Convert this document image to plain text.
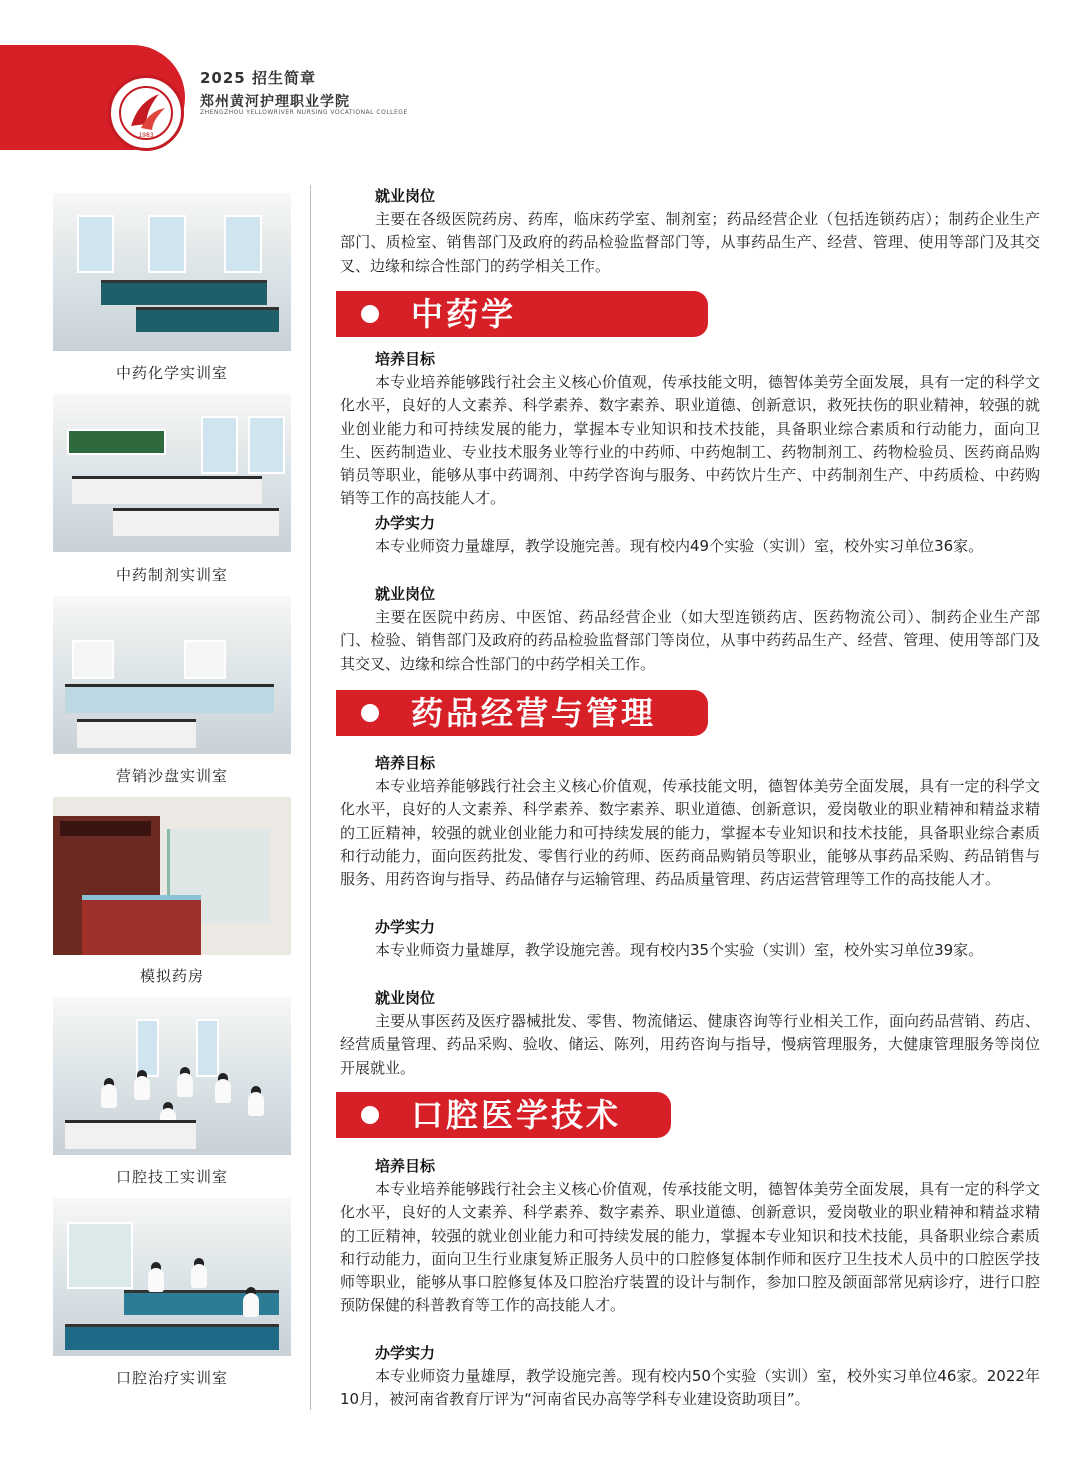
1983
2025 招生简章
郑州黄河护理职业学院
ZHENGZHOU YELLOWRIVER NURSING VOCATIONAL COLLEGE
中药化学实训室
中药制剂实训室
营销沙盘实训室
模拟药房
口腔技工实训室
口腔治疗实训室
就业岗位

主要在各级医院药房、药库，临床药学室、制剂室；药品经营企业（包括连锁药店）；制药企业生产部门、质检室、销售部门及政府的药品检验监督部门等，从事药品生产、经营、管理、使用等部门及其交叉、边缘和综合性部门的药学相关工作。

中药学
培养目标

本专业培养能够践行社会主义核心价值观，传承技能文明，德智体美劳全面发展，具有一定的科学文化水平，良好的人文素养、科学素养、数字素养、职业道德、创新意识，救死扶伤的职业精神，较强的就业创业能力和可持续发展的能力，掌握本专业知识和技术技能，具备职业综合素质和行动能力，面向卫生、医药制造业、专业技术服务业等行业的中药师、中药炮制工、药物制剂工、药物检验员、医药商品购销员等职业，能够从事中药调剂、中药学咨询与服务、中药饮片生产、中药制剂生产、中药质检、中药购销等工作的高技能人才。

办学实力

本专业师资力量雄厚，教学设施完善。现有校内49个实验（实训）室，校外实习单位36家。

就业岗位

主要在医院中药房、中医馆、药品经营企业（如大型连锁药店、医药物流公司）、制药企业生产部门、检验、销售部门及政府的药品检验监督部门等岗位，从事中药药品生产、经营、管理、使用等部门及其交叉、边缘和综合性部门的中药学相关工作。

药品经营与管理
培养目标

本专业培养能够践行社会主义核心价值观，传承技能文明，德智体美劳全面发展，具有一定的科学文化水平，良好的人文素养、科学素养、数字素养、职业道德、创新意识，爱岗敬业的职业精神和精益求精的工匠精神，较强的就业创业能力和可持续发展的能力，掌握本专业知识和技术技能，具备职业综合素质和行动能力，面向医药批发、零售行业的药师、医药商品购销员等职业，能够从事药品采购、药品销售与服务、用药咨询与指导、药品储存与运输管理、药品质量管理、药店运营管理等工作的高技能人才。

办学实力

本专业师资力量雄厚，教学设施完善。现有校内35个实验（实训）室，校外实习单位39家。

就业岗位

主要从事医药及医疗器械批发、零售、物流储运、健康咨询等行业相关工作，面向药品营销、药店、经营质量管理、药品采购、验收、储运、陈列，用药咨询与指导，慢病管理服务，大健康管理服务等岗位开展就业。

口腔医学技术
培养目标

本专业培养能够践行社会主义核心价值观，传承技能文明，德智体美劳全面发展，具有一定的科学文化水平，良好的人文素养、科学素养、数字素养、职业道德、创新意识，爱岗敬业的职业精神和精益求精的工匠精神，较强的就业创业能力和可持续发展的能力，掌握本专业知识和技术技能，具备职业综合素质和行动能力，面向卫生行业康复矫正服务人员中的口腔修复体制作师和医疗卫生技术人员中的口腔医学技师等职业，能够从事口腔修复体及口腔治疗装置的设计与制作，参加口腔及颌面部常见病诊疗，进行口腔预防保健的科普教育等工作的高技能人才。

办学实力

本专业师资力量雄厚，教学设施完善。现有校内50个实验（实训）室，校外实习单位46家。2022年10月，被河南省教育厅评为“河南省民办高等学科专业建设资助项目”。
